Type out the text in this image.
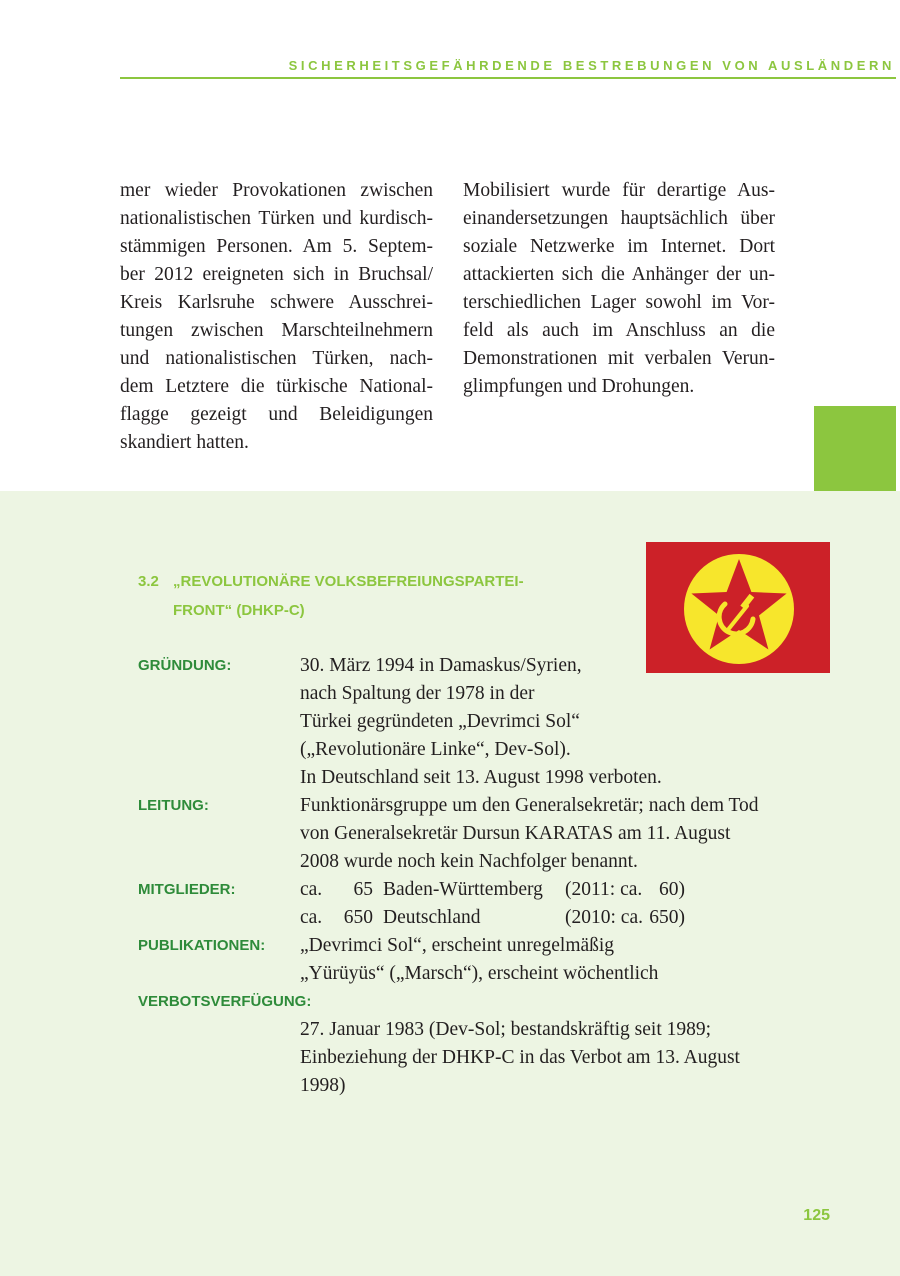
SICHERHEITSGEFÄHRDENDE BESTREBUNGEN VON AUSLÄNDERN
mer wieder Provokationen zwischen
nationalistischen Türken und kurdisch-
stämmigen Personen. Am 5. Septem-
ber 2012 ereigneten sich in Bruchsal/
Kreis Karlsruhe schwere Ausschrei-
tungen zwischen Marschteilnehmern
und nationalistischen Türken, nach-
dem Letztere die türkische National-
flagge gezeigt und Beleidigungen
skandiert hatten.
Mobilisiert wurde für derartige Aus-
einandersetzungen hauptsächlich über
soziale Netzwerke im Internet. Dort
attackierten sich die Anhänger der un-
terschiedlichen Lager sowohl im Vor-
feld als auch im Anschluss an die
Demonstrationen mit verbalen Verun-
glimpfungen und Drohungen.
3.2 „REVOLUTIONÄRE VOLKSBEFREIUNGSPARTEI-
FRONT“ (DHKP-C)
GRÜNDUNG:	30. März 1994 in Damaskus/Syrien,
nach Spaltung der 1978 in der
Türkei gegründeten „Devrimci Sol“
(„Revolutionäre Linke“, Dev-Sol).
In Deutschland seit 13. August 1998 verboten.
LEITUNG:	Funktionärsgruppe um den Generalsekretär; nach dem Tod
von Generalsekretär Dursun KARATAS am 11. August
2008 wurde noch kein Nachfolger benannt.
MITGLIEDER:	ca.	65 Baden-Württemberg	(2011: ca. 60)
ca.	650 Deutschland	(2010: ca. 650)
PUBLIKATIONEN: „Devrimci Sol“, erscheint unregelmäßig
„Yürüyüs“ („Marsch“), erscheint wöchentlich
VERBOTSVERFÜGUNG:
27. Januar 1983 (Dev-Sol; bestandskräftig seit 1989;
Einbeziehung der DHKP-C in das Verbot am 13. August
1998)
125
